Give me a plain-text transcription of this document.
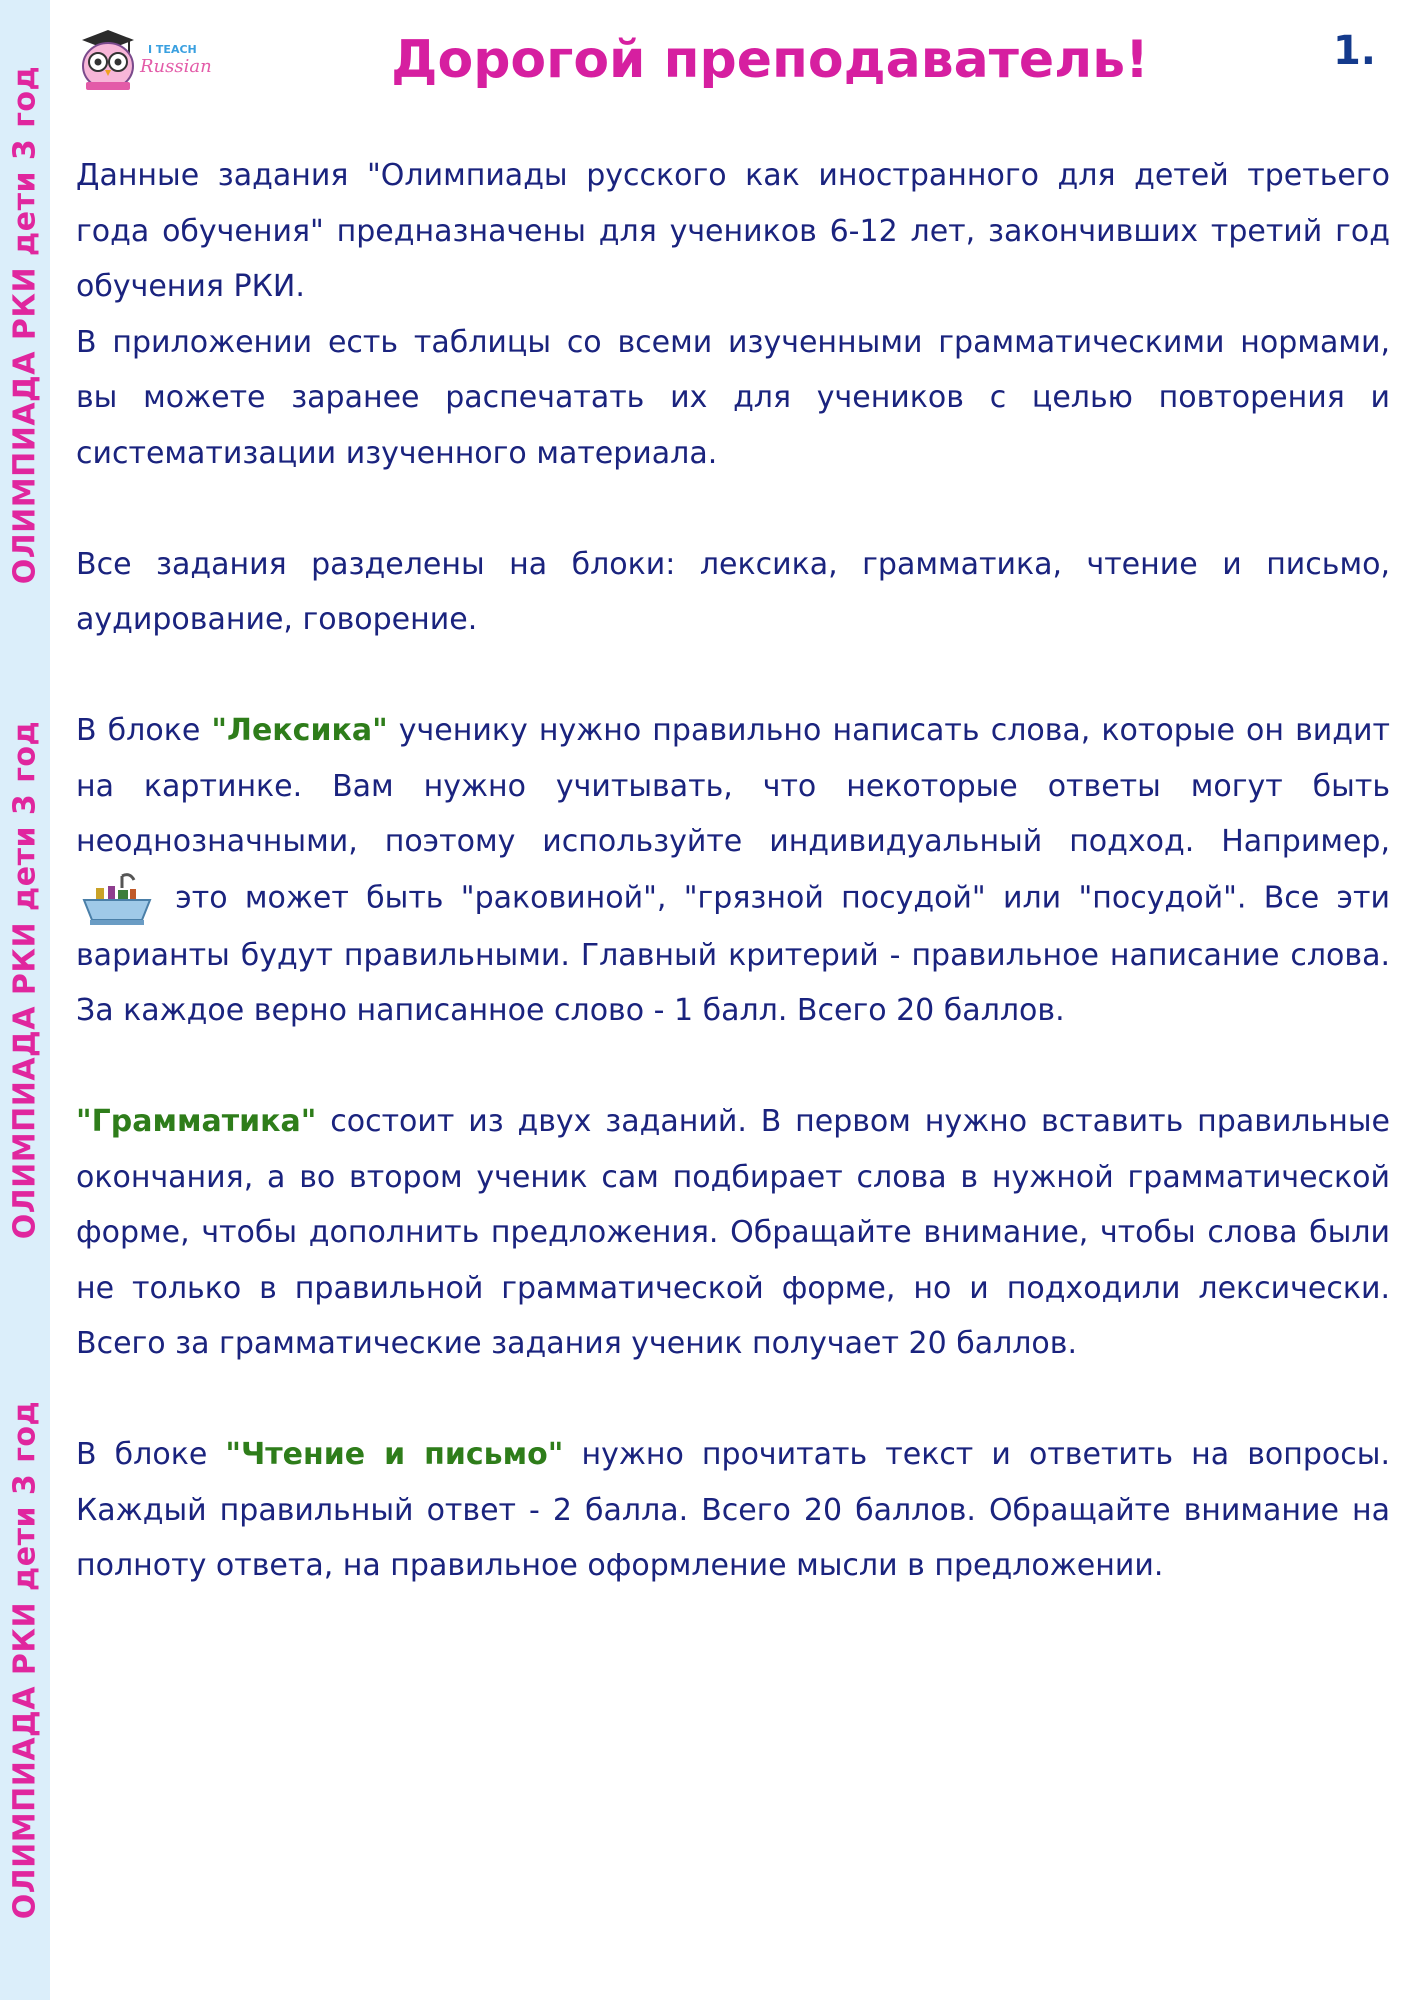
ОЛИМПИАДА РКИ дети 3 год
ОЛИМПИАДА РКИ дети 3 год
ОЛИМПИАДА РКИ дети 3 год
I TEACH
Russian	Дорогой преподаватель!	1.

Данные задания "Олимпиады русского как иностранного для детей третьего года обучения" предназначены для учеников 6-12 лет, закончивших третий год обучения РКИ.

В приложении есть таблицы со всеми изученными грамматическими нормами, вы можете заранее распечатать их для учеников с целью повторения и систематизации изученного материала.

Все задания разделены на блоки: лексика, грамматика, чтение и письмо, аудирование, говорение.

В блоке "Лексика" ученику нужно правильно написать слова, которые он видит на картинке. Вам нужно учитывать, что некоторые ответы могут быть неоднозначными, поэтому используйте индивидуальный подход. Например,  это может быть "раковиной", "грязной посудой" или "посудой". Все эти варианты будут правильными. Главный критерий - правильное написание слова. За каждое верно написанное слово - 1 балл. Всего 20 баллов.

"Грамматика" состоит из двух заданий. В первом нужно вставить правильные окончания, а во втором ученик сам подбирает слова в нужной грамматической форме, чтобы дополнить предложения. Обращайте внимание, чтобы слова были не только в правильной грамматической форме, но и подходили лексически. Всего за грамматические задания ученик получает 20 баллов.

В блоке "Чтение и письмо" нужно прочитать текст и ответить на вопросы. Каждый правильный ответ - 2 балла. Всего 20 баллов. Обращайте внимание на полноту ответа, на правильное оформление мысли в предложении.
